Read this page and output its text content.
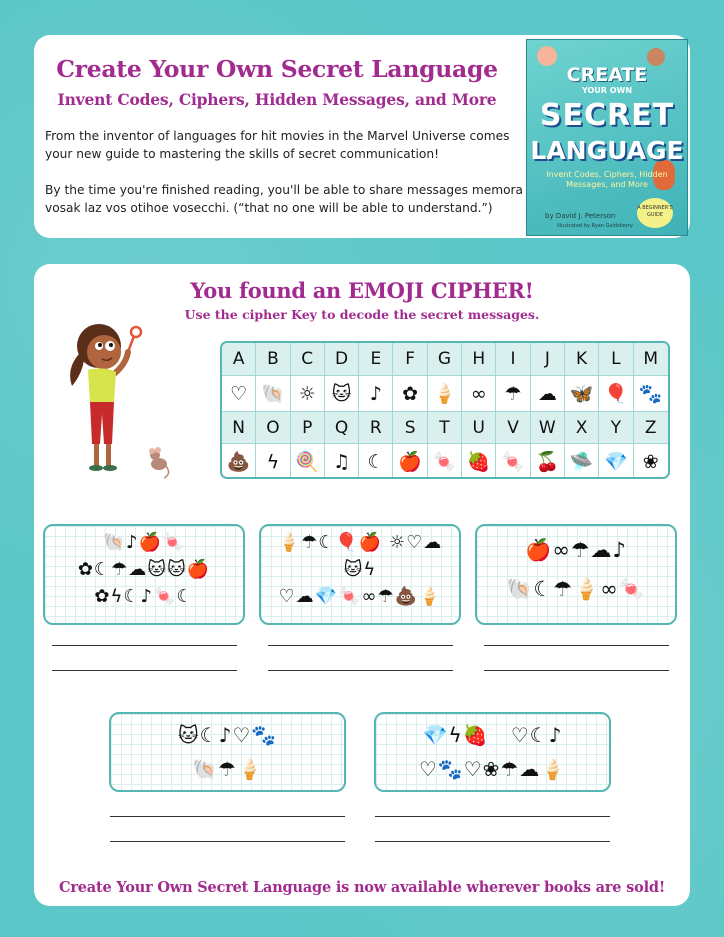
Create Your Own Secret Language
Invent Codes, Ciphers, Hidden Messages, and More

From the inventor of languages for hit movies in the Marvel Universe comes your new guide to mastering the skills of secret communication!

By the time you're finished reading, you'll be able to share messages memora vosak laz vos otihoe vosecchi. (“that no one will be able to understand.”)

CREATE
YOUR OWN
SECRET
LANGUAGE
Invent Codes, Ciphers, Hidden Messages, and More
by David J. Peterson
illustrated by Ryan Goldsberry
A BEGINNER'S GUIDE
You found an EMOJI CIPHER!
Use the cipher Key to decode the secret messages.
A	B	C	D	E	F	G	H	I	J	K	L	M
♡ 🐚 ☼ 🐱 ♪	✿ 🍦 ∞ ☂ ☁ 🦋 🎈 🐾
N	O	P	Q	R	S	T	U	V	W	X	Y	Z
💩 ϟ 🍭 ♫ ☾ 🍎 🍬 🍓 🍬 🍒 🛸 💎 ❀
🐚♪🍎🍬
✿☾☂☁🐱🐱🍎
✿ϟ☾♪🍬☾
🍦☂☾🎈🍎 ☼♡☁
🐱ϟ
♡☁💎🍬∞☂💩🍦
🍎∞☂☁♪
🐚☾☂🍦∞🍬
🐱☾♪♡🐾
🐚☂🍦
💎ϟ🍓   ♡☾♪
♡🐾♡❀☂☁🍦
Create Your Own Secret Language is now available wherever books are sold!
